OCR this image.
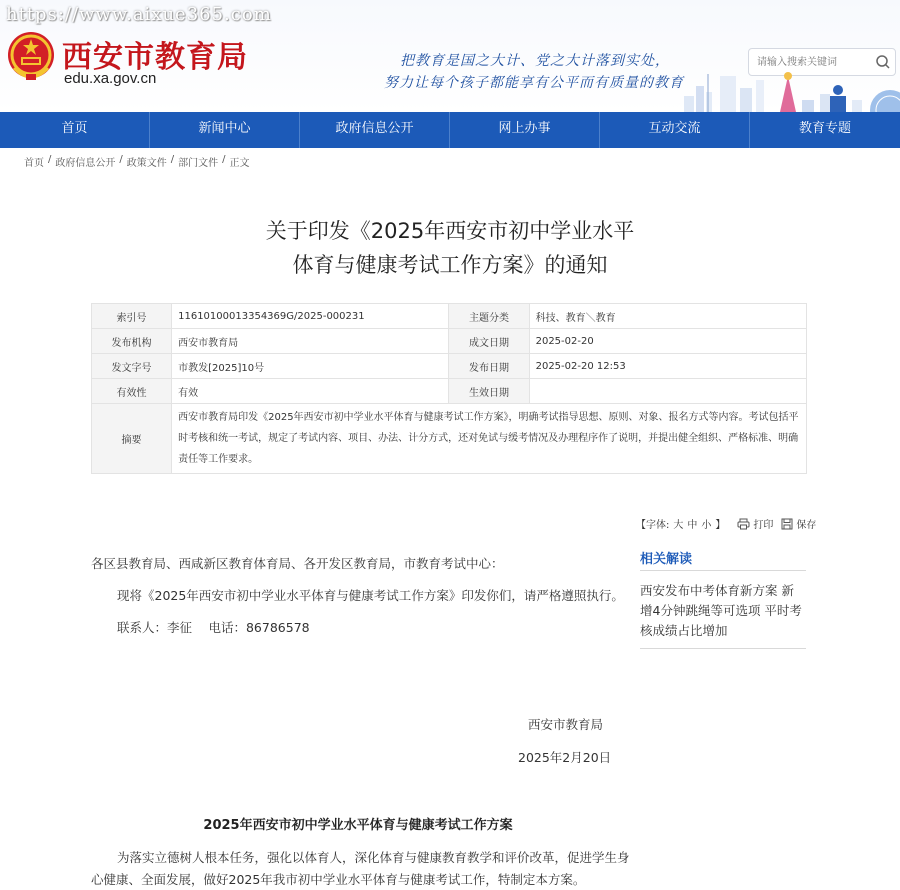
https://www.aixue365.com
西安市教育局
edu.xa.gov.cn
把教育是国之大计、党之大计落到实处，
努力让每个孩子都能享有公平而有质量的教育
请输入搜索关键词
首页	新闻中心	政府信息公开	网上办事	互动交流	教育专题
首页 / 政府信息公开 / 政策文件 / 部门文件 / 正文
关于印发《2025年西安市初中学业水平
体育与健康考试工作方案》的通知
索引号	11610100013354369G/2025-000231	主题分类	科技、教育＼教育
发布机构	西安市教育局	成文日期	2025-02-20
发文字号	市教发[2025]10号	发布日期	2025-02-20 12:53
有效性	有效	生效日期	
摘要	西安市教育局印发《2025年西安市初中学业水平体育与健康考试工作方案》，明确考试指导思想、原则、对象、报名方式等内容。考试包括平时考核和统一考试，规定了考试内容、项目、办法、计分方式，还对免试与缓考情况及办理程序作了说明，并提出健全组织、严格标准、明确责任等工作要求。		
【字体: 大 中 小 】	打印 保存
各区县教育局、西咸新区教育体育局、各开发区教育局，市教育考试中心：
现将《2025年西安市初中学业水平体育与健康考试工作方案》印发你们，请严格遵照执行。
联系人：李征　 电话：86786578
西安市教育局
2025年2月20日
2025年西安市初中学业水平体育与健康考试工作方案
为落实立德树人根本任务，强化以体育人，深化体育与健康教育教学和评价改革，促进学生身心健康、全面发展，做好2025年我市初中学业水平体育与健康考试工作，特制定本方案。
相关解读
西安发布中考体育新方案 新增4分钟跳绳等可选项 平时考核成绩占比增加
